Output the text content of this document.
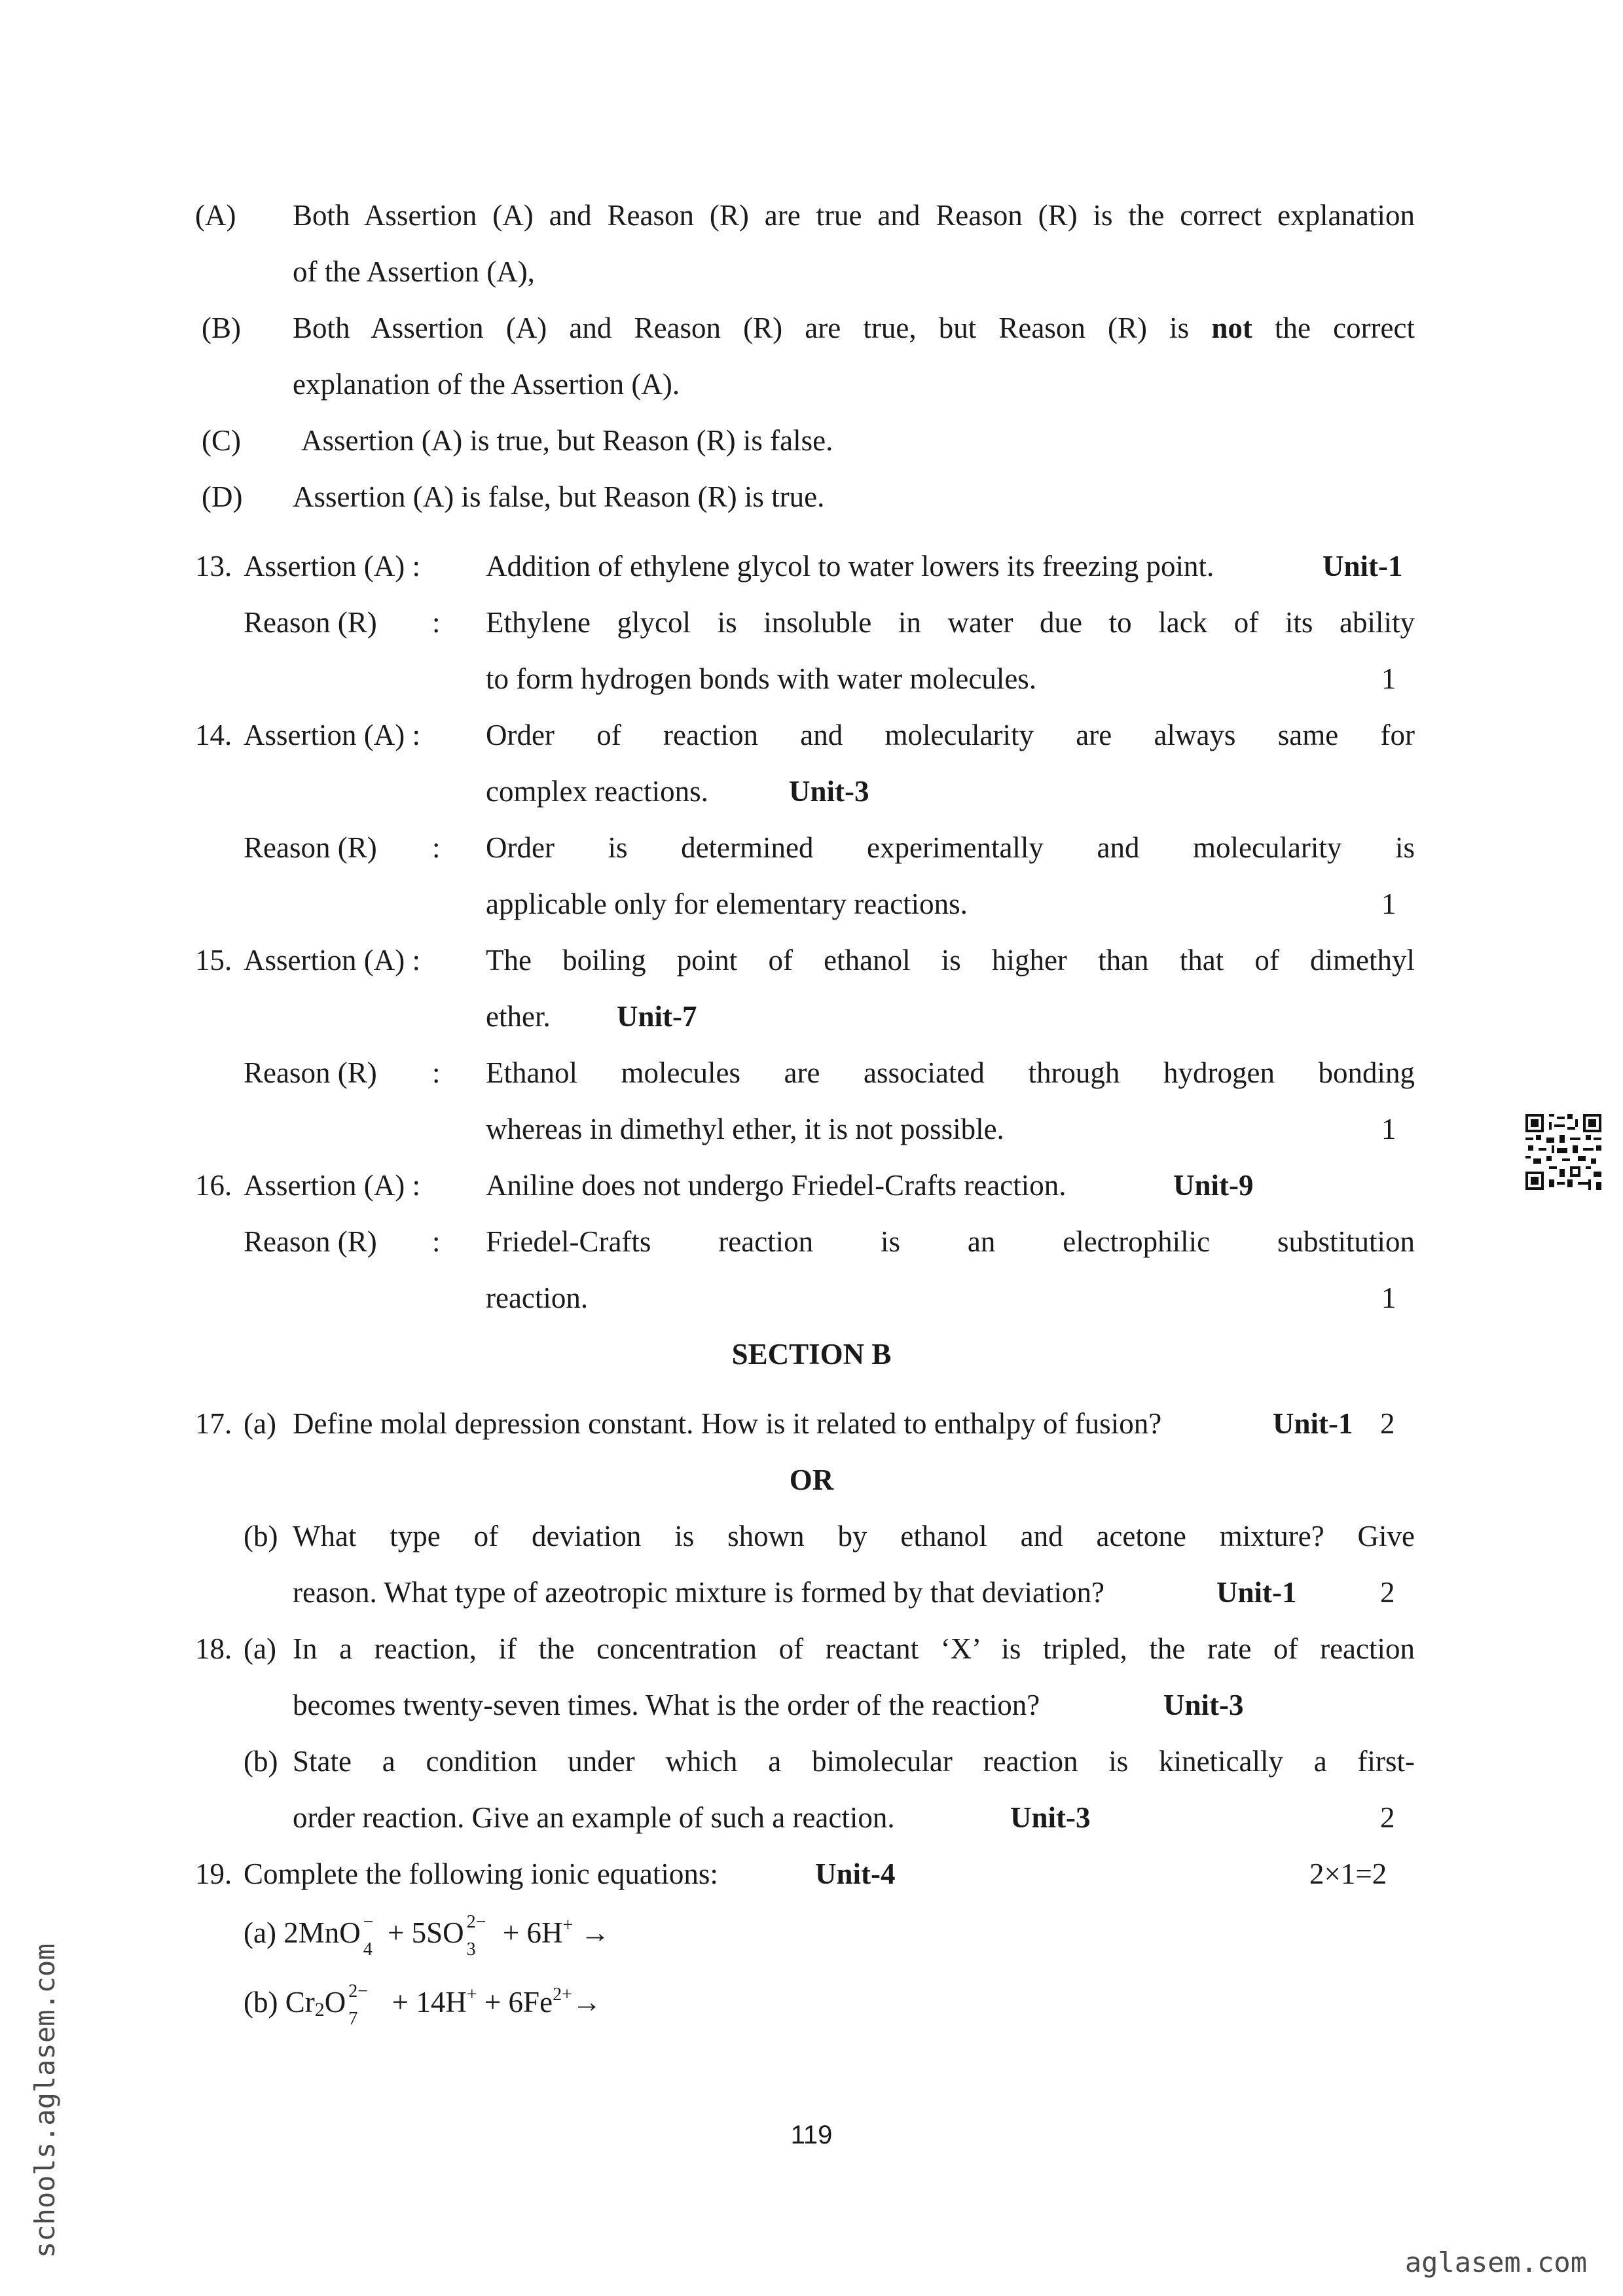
(A) Both Assertion (A) and Reason (R) are true and Reason (R) is the correct explanation
of the Assertion (A),
(B) Both Assertion (A) and Reason (R) are true, but Reason (R) is not the correct
explanation of the Assertion (A).
(C) Assertion (A) is true, but Reason (R) is false.
(D) Assertion (A) is false, but Reason (R) is true.
13. Assertion (A) : Addition of ethylene glycol to water lowers its freezing point.	Unit-1
Reason (R) : Ethylene glycol is insoluble in water due to lack of its ability
to form hydrogen bonds with water molecules.	1
14. Assertion (A) : Order of reaction and molecularity are always same for
complex reactions.	Unit-3
Reason (R) : Order is determined experimentally and molecularity is
applicable only for elementary reactions.	1
15. Assertion (A) : The boiling point of ethanol is higher than that of dimethyl
ether. Unit-7
Reason (R) : Ethanol molecules are associated through hydrogen bonding
whereas in dimethyl ether, it is not possible.	1
16. Assertion (A) : Aniline does not undergo Friedel-Crafts reaction.	Unit-9
Reason (R) : Friedel-Crafts reaction is an electrophilic substitution
reaction.	1
SECTION B
17. (a) Define molal depression constant. How is it related to enthalpy of fusion?	Unit-1 2
OR
(b) What type of deviation is shown by ethanol and acetone mixture? Give
reason. What type of azeotropic mixture is formed by that deviation?	Unit-1	2
18. (a) In a reaction, if the concentration of reactant ‘X’ is tripled, the rate of reaction
becomes twenty-seven times. What is the order of the reaction?	Unit-3
(b) State a condition under which a bimolecular reaction is kinetically a first-
order reaction. Give an example of such a reaction.	Unit-3	2
19. Complete the following ionic equations:	Unit-4	2×1=2
(a) 2MnO −
4
+ 5SO 2−
3
+ 6H+ →
(b) $Cr_2O$ 2−
7
+ $14H^+ + 6Fe^{2+}\to$
119
schools.aglasem.com
aglasem.com
